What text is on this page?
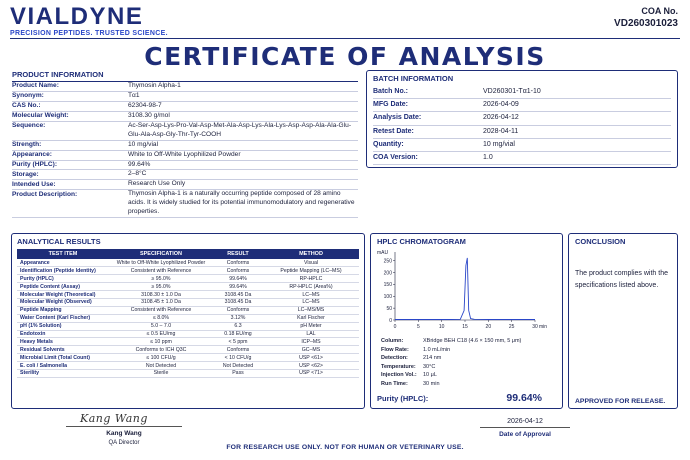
VIALDYNE
PRECISION PEPTIDES. TRUSTED SCIENCE.
COA No.
VD260301023
CERTIFICATE OF ANALYSIS
PRODUCT INFORMATION
Product Name:	Thymosin Alpha-1
Synonym:	Tα1
CAS No.:	62304-98-7
Molecular Weight:	3108.30 g/mol
Sequence:	Ac-Ser-Asp-Lys-Pro-Val-Asp-Met-Ala-Asp-Lys-Ala-Lys-Asp-Asp-Ala-Ala-Glu-Glu-Ala-Asp-Gly-Thr-Tyr-COOH
Strength:	10 mg/vial
Appearance:	White to Off-White Lyophilized Powder
Purity (HPLC):	99.64%
Storage:	2–8°C
Intended Use:	Research Use Only
Product Description:	Thymosin Alpha-1 is a naturally occurring peptide composed of 28 amino acids. It is widely studied for its potential immunomodulatory and regenerative properties.
BATCH INFORMATION
Batch No.:	VD260301-Tα1-10
MFG Date:	2026-04-09
Analysis Date:	2026-04-12
Retest Date:	2028-04-11
Quantity:	10 mg/vial
COA Version:	1.0
ANALYTICAL RESULTS
TEST ITEM	SPECIFICATION	RESULT	METHOD
Appearance	White to Off-White Lyophilized Powder	Conforms	Visual
Identification (Peptide Identity)	Consistent with Reference	Conforms	Peptide Mapping (LC–MS)
Purity (HPLC)	≥ 95.0%	99.64%	RP-HPLC
Peptide Content (Assay)	≥ 95.0%	99.64%	RP-HPLC (Area%)
Molecular Weight (Theoretical)	3108.30 ± 1.0 Da	3108.45 Da	LC–MS
Molecular Weight (Observed)	3108.45 ± 1.0 Da	3108.45 Da	LC–MS
Peptide Mapping	Consistent with Reference	Conforms	LC–MS/MS
Water Content (Karl Fischer)	≤ 8.0%	3.12%	Karl Fischer
pH (1% Solution)	5.0 – 7.0	6.3	pH Meter
Endotoxin	≤ 0.5 EU/mg	0.18 EU/mg	LAL
Heavy Metals	≤ 10 ppm	< 5 ppm	ICP–MS
Residual Solvents	Conforms to ICH Q3C	Conforms	GC–MS
Microbial Limit (Total Count)	≤ 100 CFU/g	< 10 CFU/g	USP <61>
E. coli / Salmonella	Not Detected	Not Detected	USP <62>
Sterility	Sterile	Pass	USP <71>
HPLC CHROMATOGRAM
mAU
250
200
150
100
50
0
0	5	10	15	20	25	30 min
Column:	XBridge BEH C18 (4.6 × 150 mm, 5 μm)
Flow Rate:	1.0 mL/min
Detection:	214 nm
Temperature:	30°C
Injection Vol.:	10 μL
Run Time:	30 min
Purity (HPLC):	99.64%
CONCLUSION
The product complies with the specifications listed above.
APPROVED FOR RELEASE.
Kang Wang
Kang Wang
QA Director
2026-04-12
Date of Approval
FOR RESEARCH USE ONLY. NOT FOR HUMAN OR VETERINARY USE.
